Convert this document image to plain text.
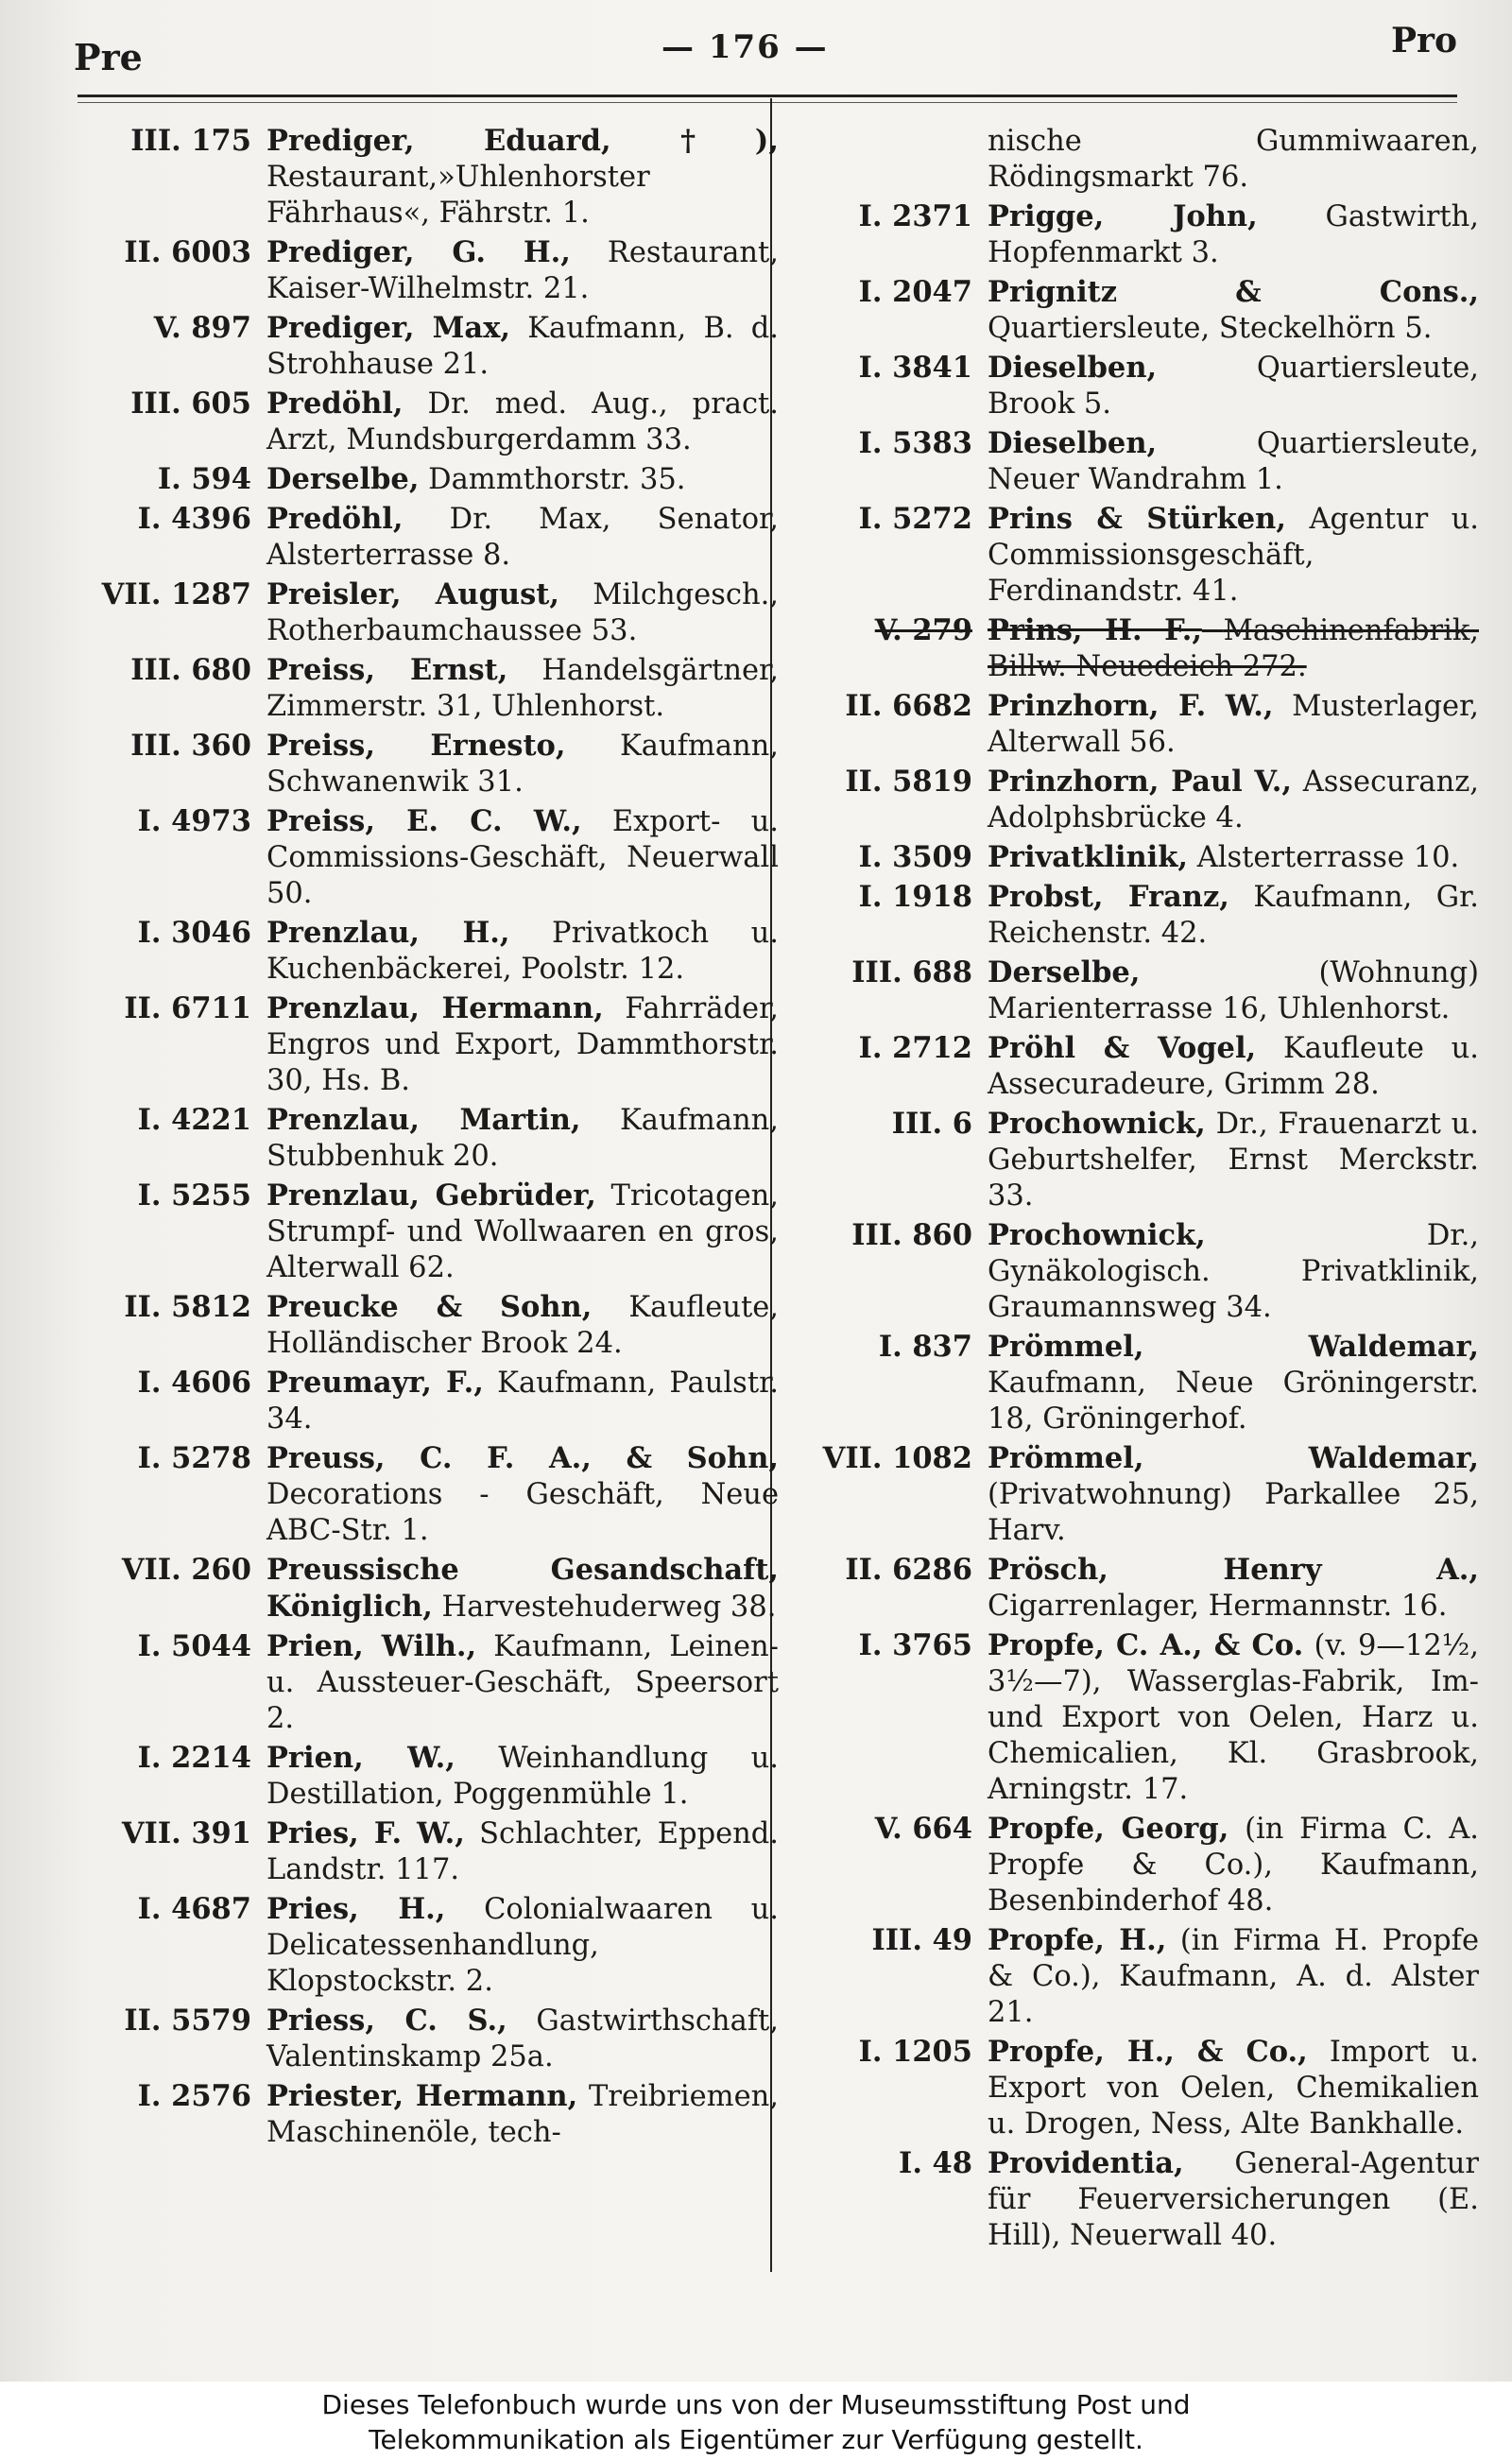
Pre	— 176 —	Pro
III. 175 Prediger, Eduard, †), Restaurant,»Uhlenhorster Fährhaus«, Fährstr. 1.
II. 6003 Prediger, G. H., Restaurant, Kaiser-Wilhelmstr. 21.
V. 897 Prediger, Max, Kaufmann, B. d. Strohhause 21.
III. 605 Predöhl, Dr. med. Aug., pract. Arzt, Mundsburgerdamm 33.
I. 594 Derselbe, Dammthorstr. 35.
I. 4396 Predöhl, Dr. Max, Senator, Alsterterrasse 8.
VII. 1287 Preisler, August, Milchgesch., Rotherbaumchaussee 53.
III. 680 Preiss, Ernst, Handelsgärtner, Zimmerstr. 31, Uhlenhorst.
III. 360 Preiss, Ernesto, Kaufmann, Schwanenwik 31.
I. 4973 Preiss, E. C. W., Export- u. Commissions-Geschäft, Neuerwall 50.
I. 3046 Prenzlau, H., Privatkoch u. Kuchenbäckerei, Poolstr. 12.
II. 6711 Prenzlau, Hermann, Fahrräder, Engros und Export, Dammthorstr. 30, Hs. B.
I. 4221 Prenzlau, Martin, Kaufmann, Stubbenhuk 20.
I. 5255 Prenzlau, Gebrüder, Tricotagen, Strumpf- und Wollwaaren en gros, Alterwall 62.
II. 5812 Preucke & Sohn, Kaufleute, Holländischer Brook 24.
I. 4606 Preumayr, F., Kaufmann, Paulstr. 34.
I. 5278 Preuss, C. F. A., & Sohn, Decorations - Geschäft, Neue ABC-Str. 1.
VII. 260 Preussische Gesandschaft, Königlich, Harvestehuderweg 38.
I. 5044 Prien, Wilh., Kaufmann, Leinen- u. Aussteuer-Geschäft, Speersort 2.
I. 2214 Prien, W., Weinhandlung u. Destillation, Poggenmühle 1.
VII. 391 Pries, F. W., Schlachter, Eppend. Landstr. 117.
I. 4687 Pries, H., Colonialwaaren u. Delicatessenhandlung, Klopstockstr. 2.
II. 5579 Priess, C. S., Gastwirthschaft, Valentinskamp 25a.
I. 2576 Priester, Hermann, Treibriemen, Maschinenöle, tech-
nische Gummiwaaren, Rödingsmarkt 76.
I. 2371 Prigge, John, Gastwirth, Hopfenmarkt 3.
I. 2047 Prignitz & Cons., Quartiersleute, Steckelhörn 5.
I. 3841 Dieselben,	Quartiersleute, Brook 5.
I. 5383 Dieselben,	Quartiersleute, Neuer Wandrahm 1.
I. 5272 Prins & Stürken, Agentur u. Commissionsgeschäft, Ferdinandstr. 41.
V. 279 Prins, H. F., Maschinenfabrik, Billw. Neuedeich 272.
II. 6682 Prinzhorn, F. W., Musterlager, Alterwall 56.
II. 5819 Prinzhorn, Paul V., Assecuranz, Adolphsbrücke 4.
I. 3509 Privatklinik, Alsterterrasse 10.
I. 1918 Probst, Franz, Kaufmann, Gr. Reichenstr. 42.
III. 688 Derselbe,	(Wohnung) Marienterrasse 16, Uhlenhorst.
I. 2712 Pröhl & Vogel, Kaufleute u. Assecuradeure, Grimm 28.
III. 6 Prochownick, Dr., Frauenarzt u. Geburtshelfer, Ernst Merckstr. 33.
III. 860 Prochownick,	Dr., Gynäkologisch. Privatklinik, Graumannsweg 34.
I. 837 Prömmel, Waldemar, Kaufmann, Neue Gröningerstr. 18, Gröningerhof.
VII. 1082 Prömmel, Waldemar, (Privatwohnung) Parkallee 25, Harv.
II. 6286 Prösch, Henry A., Cigarrenlager, Hermannstr. 16.
I. 3765 Propfe, C. A., & Co. (v. 9—12½, 3½—7), Wasserglas-Fabrik, Im- und Export von Oelen, Harz u. Chemicalien, Kl. Grasbrook, Arningstr. 17.
V. 664 Propfe, Georg, (in Firma C. A. Propfe & Co.), Kaufmann, Besenbinderhof 48.
III. 49 Propfe, H., (in Firma H. Propfe & Co.), Kaufmann, A. d. Alster 21.
I. 1205 Propfe, H., & Co., Import u. Export von Oelen, Chemikalien u. Drogen, Ness, Alte Bankhalle.
I. 48 Providentia, General-Agentur für Feuerversicherungen (E. Hill), Neuerwall 40.
Dieses Telefonbuch wurde uns von der Museumsstiftung Post und
Telekommunikation als Eigentümer zur Verfügung gestellt.
